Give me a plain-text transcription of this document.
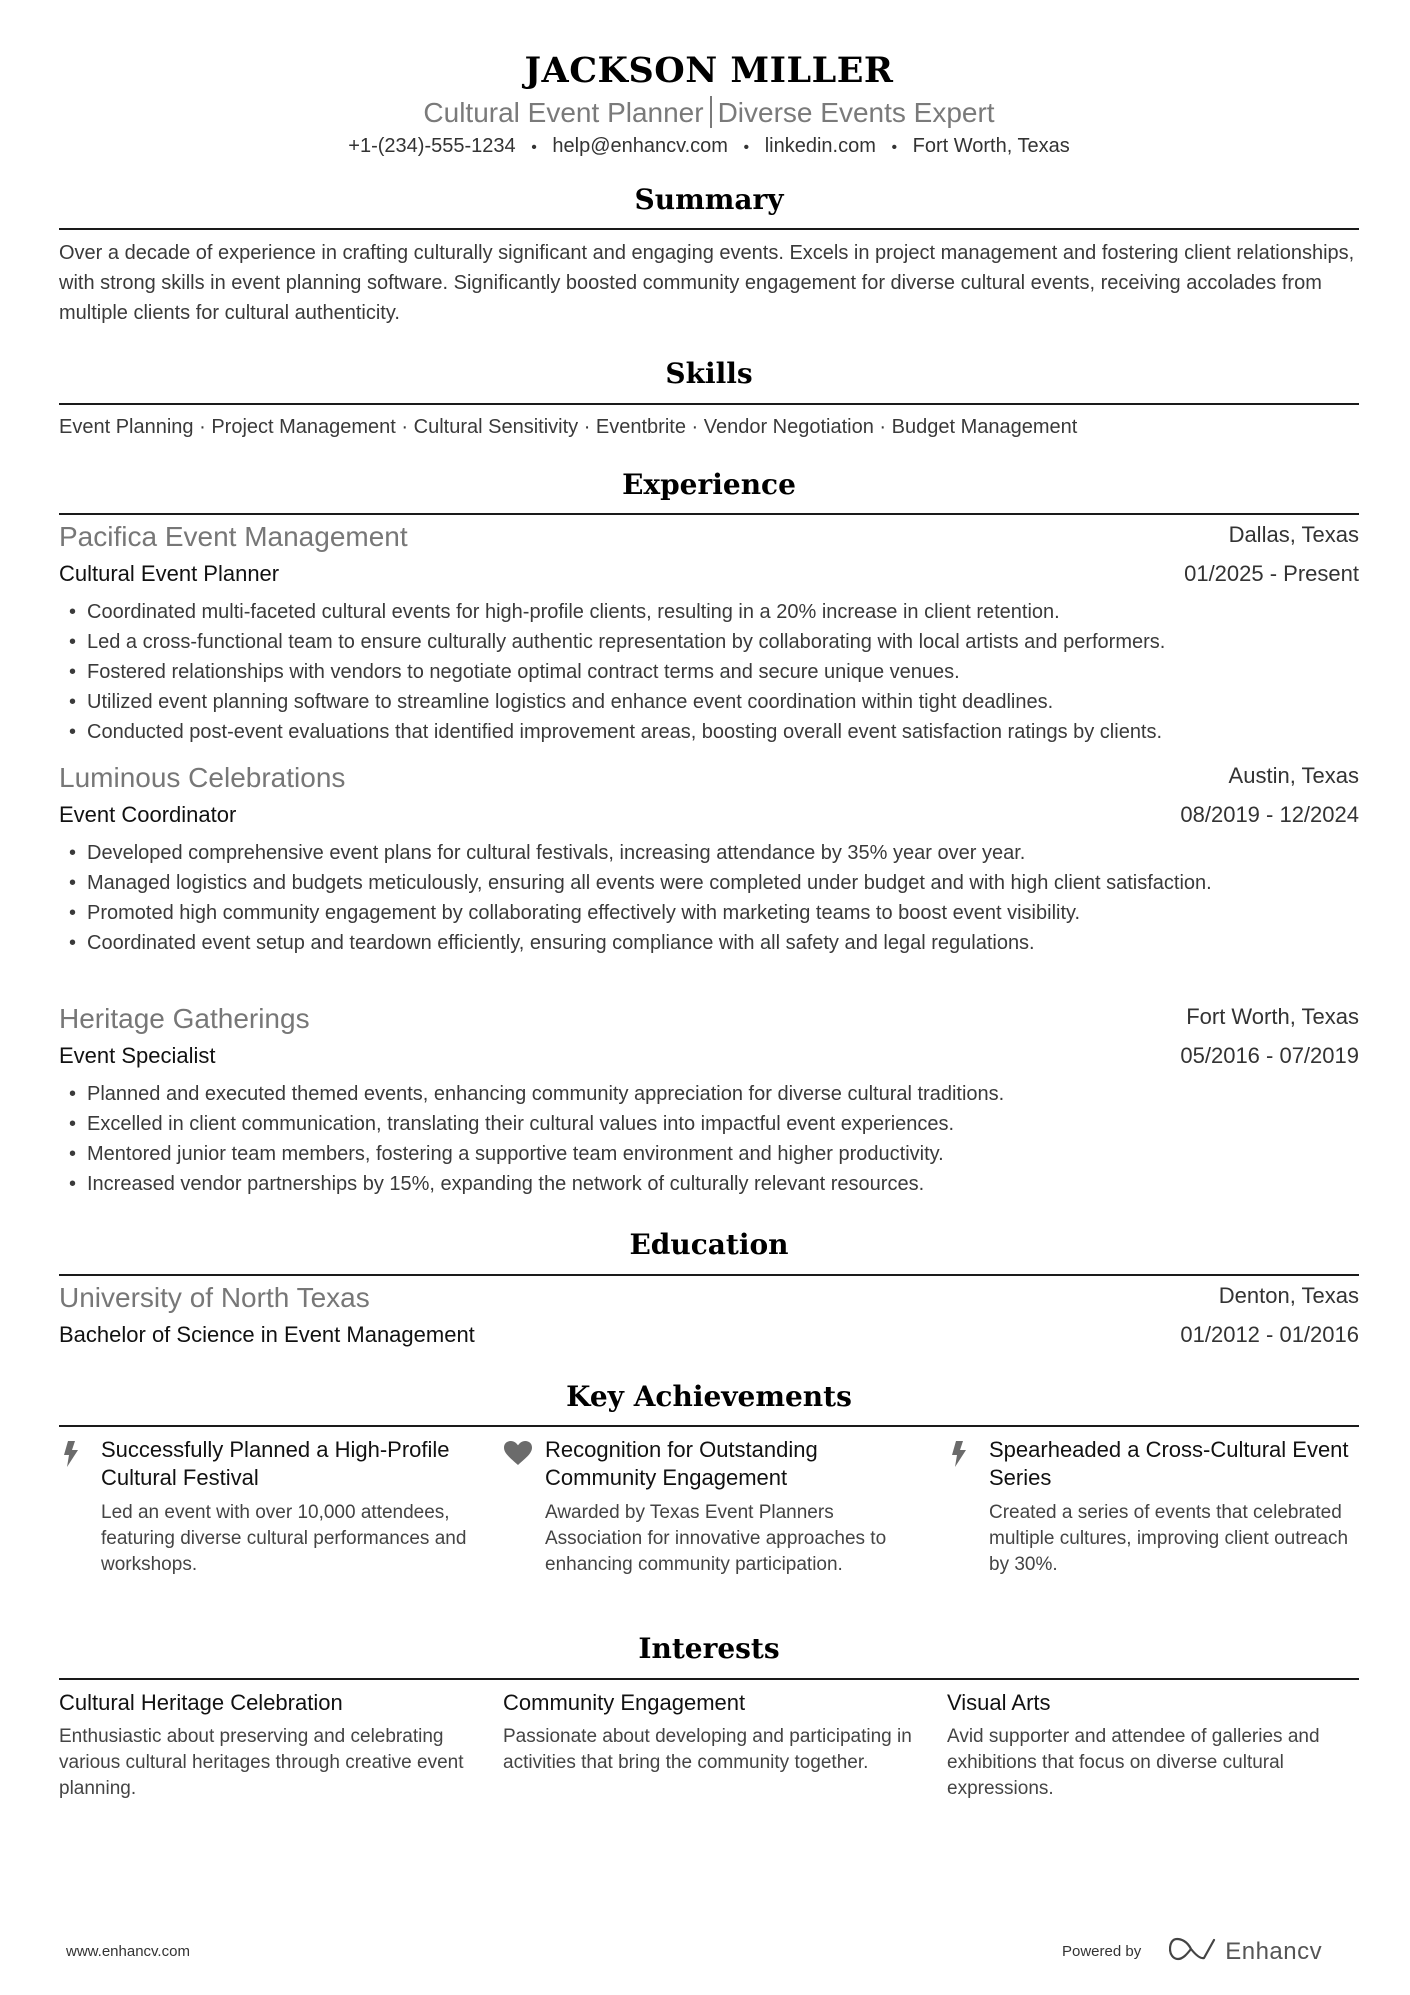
JACKSON MILLER
Cultural Event Planner Diverse Events Expert
+1-(234)-555-1234 • help@enhancv.com • linkedin.com • Fort Worth, Texas
Summary
Over a decade of experience in crafting culturally significant and engaging events. Excels in project management and fostering client relationships, with strong skills in event planning software. Significantly boosted community engagement for diverse cultural events, receiving accolades from multiple clients for cultural authenticity.
Skills
Event Planning · Project Management · Cultural Sensitivity · Eventbrite · Vendor Negotiation · Budget Management
Experience
Pacifica Event Management	Dallas, Texas
Cultural Event Planner	01/2025 - Present
• Coordinated multi-faceted cultural events for high-profile clients, resulting in a 20% increase in client retention.
• Led a cross-functional team to ensure culturally authentic representation by collaborating with local artists and performers.
• Fostered relationships with vendors to negotiate optimal contract terms and secure unique venues.
• Utilized event planning software to streamline logistics and enhance event coordination within tight deadlines.
• Conducted post-event evaluations that identified improvement areas, boosting overall event satisfaction ratings by clients.
Luminous Celebrations	Austin, Texas
Event Coordinator	08/2019 - 12/2024
• Developed comprehensive event plans for cultural festivals, increasing attendance by 35% year over year.
• Managed logistics and budgets meticulously, ensuring all events were completed under budget and with high client satisfaction.
• Promoted high community engagement by collaborating effectively with marketing teams to boost event visibility.
• Coordinated event setup and teardown efficiently, ensuring compliance with all safety and legal regulations.
Heritage Gatherings	Fort Worth, Texas
Event Specialist	05/2016 - 07/2019
• Planned and executed themed events, enhancing community appreciation for diverse cultural traditions.
• Excelled in client communication, translating their cultural values into impactful event experiences.
• Mentored junior team members, fostering a supportive team environment and higher productivity.
• Increased vendor partnerships by 15%, expanding the network of culturally relevant resources.
Education
University of North Texas	Denton, Texas
Bachelor of Science in Event Management	01/2012 - 01/2016
Key Achievements
Successfully Planned a High-Profile Cultural Festival
Led an event with over 10,000 attendees, featuring diverse cultural performances and workshops.
Recognition for Outstanding Community Engagement
Awarded by Texas Event Planners Association for innovative approaches to enhancing community participation.
Spearheaded a Cross-Cultural Event Series
Created a series of events that celebrated multiple cultures, improving client outreach by 30%.
Interests
Cultural Heritage Celebration
Enthusiastic about preserving and celebrating various cultural heritages through creative event planning.
Community Engagement
Passionate about developing and participating in activities that bring the community together.
Visual Arts
Avid supporter and attendee of galleries and exhibitions that focus on diverse cultural expressions.
www.enhancv.com	Powered by	Enhancv
